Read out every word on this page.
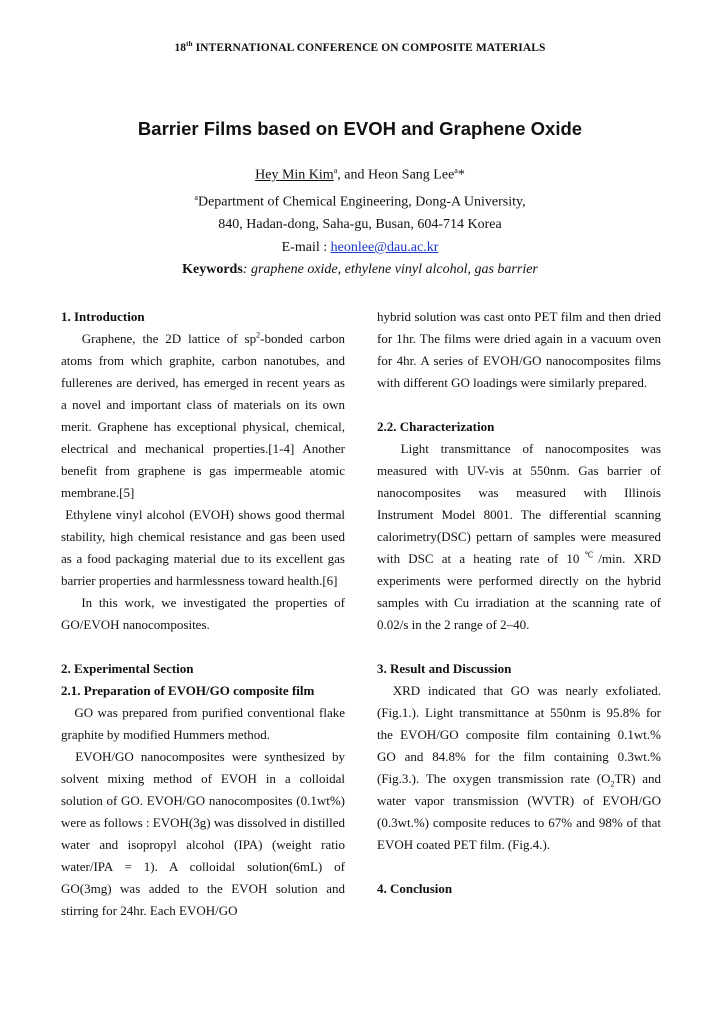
18th INTERNATIONAL CONFERENCE ON COMPOSITE MATERIALS
Barrier Films based on EVOH and Graphene Oxide
Hey Min Kim$^a$, and Heon Sang Lee$^a$*
$^a$Department of Chemical Engineering, Dong-A University,
840, Hadan-dong, Saha-gu, Busan, 604-714 Korea
E-mail : heonlee@dau.ac.kr
Keywords: graphene oxide, ethylene vinyl alcohol, gas barrier

1. Introduction

Graphene, the 2D lattice of $sp^2$-bonded carbon atoms from which graphite, carbon nanotubes, and fullerenes are derived, has emerged in recent years as a novel and important class of materials on its own merit. Graphene has exceptional physical, chemical, electrical and mechanical properties.[1-4] Another benefit from graphene is gas impermeable atomic membrane.[5]

Ethylene vinyl alcohol (EVOH) shows good thermal stability, high chemical resistance and gas been used as a food packaging material due to its excellent gas barrier properties and harmlessness toward health.[6]

In this work, we investigated the properties of GO/EVOH nanocomposites.

2. Experimental Section

2.1. Preparation of EVOH/GO composite film

GO was prepared from purified conventional flake graphite by modified Hummers method.

EVOH/GO nanocomposites were synthesized by solvent mixing method of EVOH in a colloidal solution of GO. EVOH/GO nanocomposites (0.1wt%) were as follows : EVOH(3g) was dissolved in distilled water and isopropyl alcohol (IPA) (weight ratio water/IPA = 1). A colloidal solution(6mL) of GO(3mg) was added to the EVOH solution and stirring for 24hr. Each EVOH/GO

hybrid solution was cast onto PET film and then dried for 1hr. The films were dried again in a vacuum oven for 4hr. A series of EVOH/GO nanocomposites films with different GO loadings were similarly prepared.

2.2. Characterization

Light transmittance of nanocomposites was measured with UV-vis at 550nm. Gas barrier of nanocomposites was measured with Illinois Instrument Model 8001. The differential scanning calorimetry(DSC) pettarn of samples were measured with DSC at a heating rate of 10℃/min. XRD experiments were performed directly on the hybrid samples with Cu irradiation at the scanning rate of 0.02/s in the 2 range of 2–40.

3. Result and Discussion

XRD indicated that GO was nearly exfoliated. (Fig.1.). Light transmittance at 550nm is 95.8% for the EVOH/GO composite film containing 0.1wt.% GO and 84.8% for the film containing 0.3wt.% (Fig.3.). The oxygen transmission rate $(O_2TR)$ and water vapor transmission (WVTR) of EVOH/GO (0.3wt.%) composite reduces to 67% and 98% of that EVOH coated PET film. (Fig.4.).

4. Conclusion
